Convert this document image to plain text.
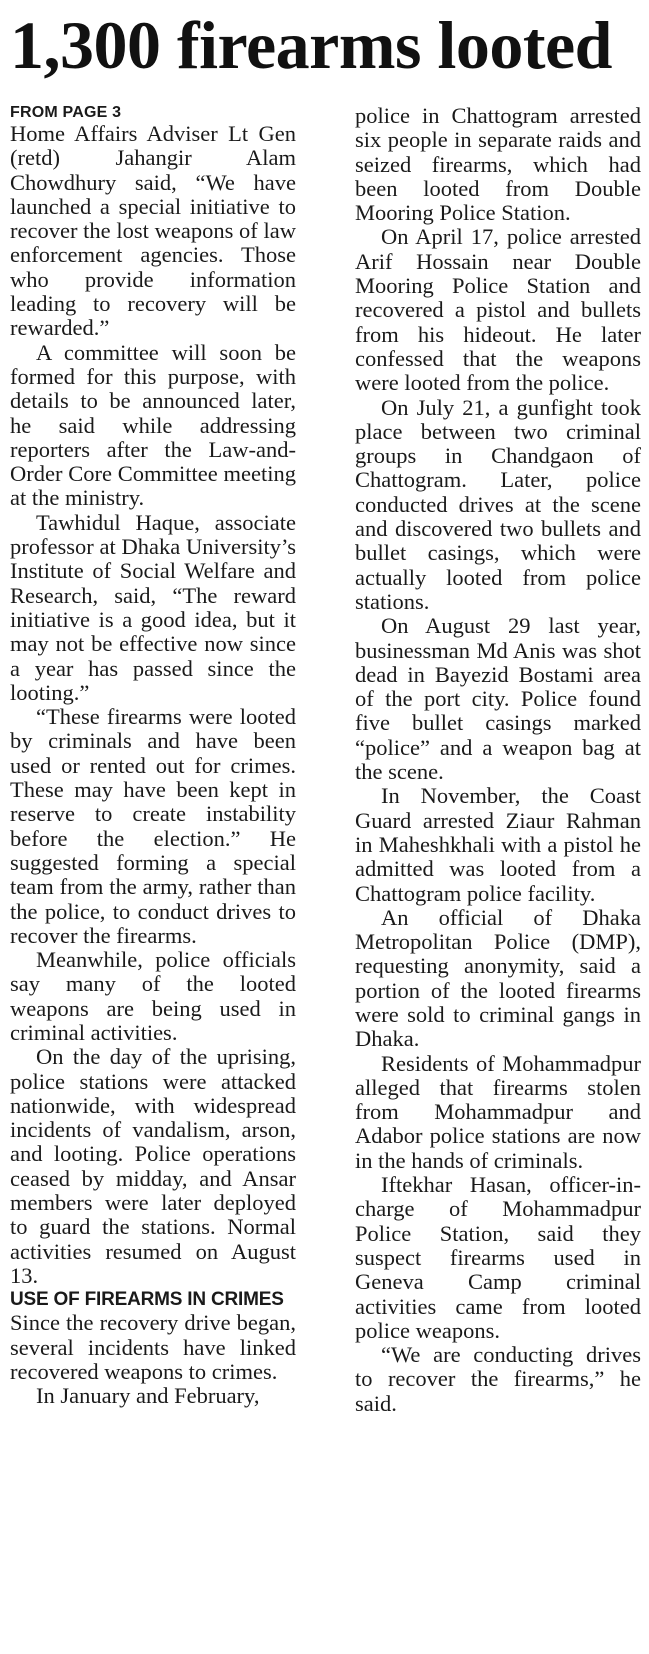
1,300 firearms looted
FROM PAGE 3

Home Affairs Adviser Lt Gen (retd) Jahangir Alam Chowdhury said, “We have launched a special initiative to recover the lost weapons of law enforcement agencies. Those who provide information leading to recovery will be rewarded.”

A committee will soon be formed for this purpose, with details to be announced later, he said while addressing reporters after the Law-and-Order Core Committee meeting at the ministry.

Tawhidul Haque, associate professor at Dhaka University’s Institute of Social Welfare and Research, said, “The reward initiative is a good idea, but it may not be effective now since a year has passed since the looting.”

“These firearms were looted by criminals and have been used or rented out for crimes. These may have been kept in reserve to create instability before the election.” He suggested forming a special team from the army, rather than the police, to conduct drives to recover the firearms.

Meanwhile, police officials say many of the looted weapons are being used in criminal activities.

On the day of the uprising, police stations were attacked nationwide, with widespread incidents of vandalism, arson, and looting. Police operations ceased by midday, and Ansar members were later deployed to guard the stations. Normal activities resumed on August 13.

USE OF FIREARMS IN CRIMES

Since the recovery drive began, several incidents have linked recovered weapons to crimes.

In January and February,

police in Chattogram arrested six people in separate raids and seized firearms, which had been looted from Double Mooring Police Station.

On April 17, police arrested Arif Hossain near Double Mooring Police Station and recovered a pistol and bullets from his hideout. He later confessed that the weapons were looted from the police.

On July 21, a gunfight took place between two criminal groups in Chandgaon of Chattogram. Later, police conducted drives at the scene and discovered two bullets and bullet casings, which were actually looted from police stations.

On August 29 last year, businessman Md Anis was shot dead in Bayezid Bostami area of the port city. Police found five bullet casings marked “police” and a weapon bag at the scene.

In November, the Coast Guard arrested Ziaur Rahman in Maheshkhali with a pistol he admitted was looted from a Chattogram police facility.

An official of Dhaka Metropolitan Police (DMP), requesting anonymity, said a portion of the looted firearms were sold to criminal gangs in Dhaka.

Residents of Mohammadpur alleged that firearms stolen from Mohammadpur and Adabor police stations are now in the hands of criminals.

Iftekhar Hasan, officer-in-charge of Mohammadpur Police Station, said they suspect firearms used in Geneva Camp criminal activities came from looted police weapons.

“We are conducting drives to recover the firearms,” he said.
